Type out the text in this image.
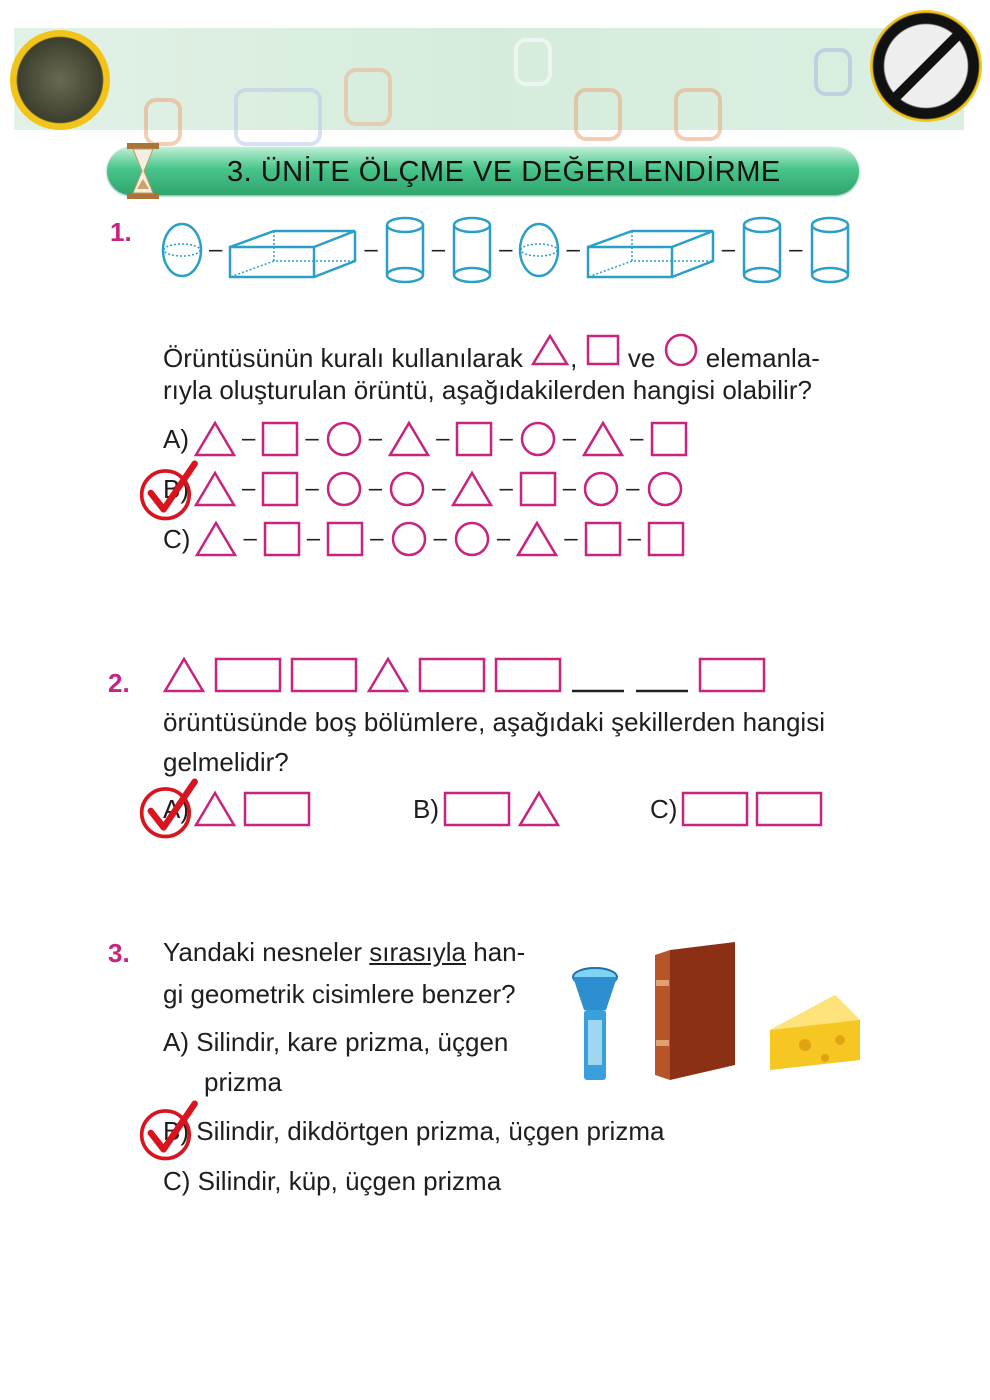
3. ÜNİTE ÖLÇME VE DEĞERLENDİRME
1.
–	– – – –	– –
Örüntüsünün kuralı kullanılarak , ve elemanla-
rıyla oluşturulan örüntü, aşağıdakilerden hangisi olabilir?
A) – – – – – – –
B) – – – – – – –
C) – – – – – – –
2.
örüntüsünde boş bölümlere, aşağıdaki şekillerden hangisi
gelmelidir?
A)	B)	C)
3. Yandaki nesneler sırasıyla han-
gi geometrik cisimlere benzer?
A) Silindir, kare prizma, üçgen
prizma
B) Silindir, dikdörtgen prizma, üçgen prizma
C) Silindir, küp, üçgen prizma
